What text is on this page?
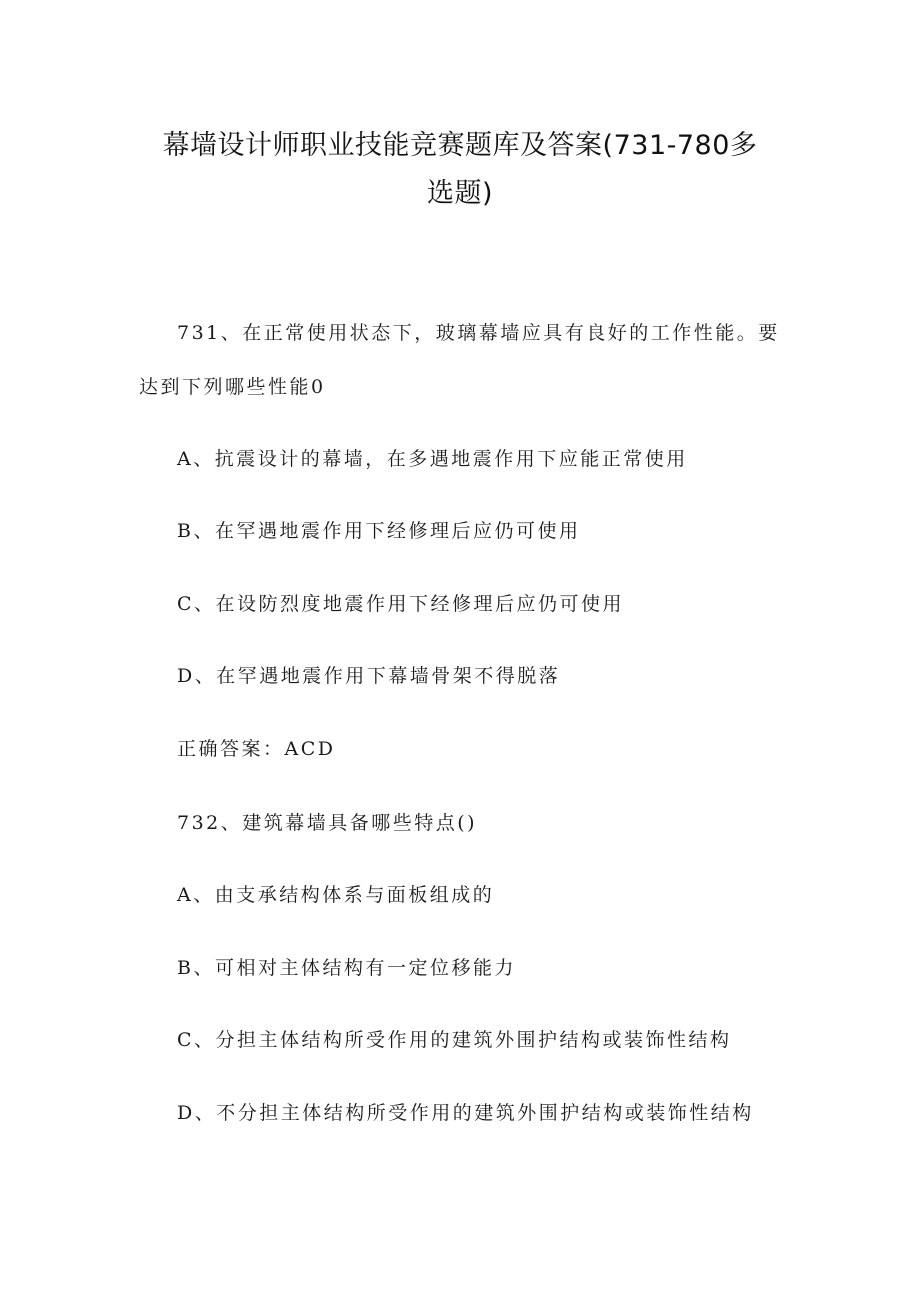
幕墙设计师职业技能竞赛题库及答案(731-780多选题)

731、在正常使用状态下，玻璃幕墙应具有良好的工作性能。要

达到下列哪些性能0

A、抗震设计的幕墙，在多遇地震作用下应能正常使用

B、在罕遇地震作用下经修理后应仍可使用

C、在设防烈度地震作用下经修理后应仍可使用

D、在罕遇地震作用下幕墙骨架不得脱落

正确答案：ACD

732、建筑幕墙具备哪些特点()

A、由支承结构体系与面板组成的

B、可相对主体结构有一定位移能力

C、分担主体结构所受作用的建筑外围护结构或装饰性结构

D、不分担主体结构所受作用的建筑外围护结构或装饰性结构
